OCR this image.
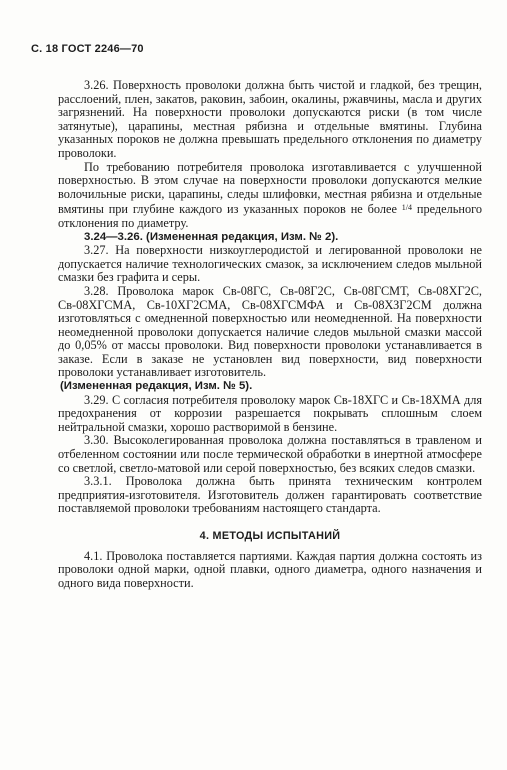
С. 18 ГОСТ 2246—70

3.26. Поверхность проволоки должна быть чистой и гладкой, без трещин, расслоений, плен, закатов, раковин, забоин, окалины, ржавчины, масла и других загрязнений. На поверхности проволоки допускаются риски (в том числе затянутые), царапины, местная рябизна и отдельные вмятины. Глубина указанных пороков не должна превышать предельного отклонения по диаметру проволоки.

По требованию потребителя проволока изготавливается с улучшенной поверхностью. В этом случае на поверхности проволоки допускаются мелкие волочильные риски, царапины, следы шлифовки, местная рябизна и отдельные вмятины при глубине каждого из указанных пороков не более $^{1/4}$ предельного отклонения по диаметру.

3.24—3.26. (Измененная редакция, Изм. № 2).

3.27. На поверхности низкоуглеродистой и легированной проволоки не допускается наличие технологических смазок, за исключением следов мыльной смазки без графита и серы.

3.28. Проволока марок Св-08ГС, Св-08Г2С, Св-08ГСМТ, Св-08ХГ2С, Св-08ХГСМА, Св-10ХГ2СМА, Св-08ХГСМФА и Св-08ХЗГ2СМ должна изготовляться с омедненной поверхностью или неомедненной. На поверхности неомедненной проволоки допускается наличие следов мыльной смазки массой до 0,05% от массы проволоки. Вид поверхности проволоки устанавливается в заказе. Если в заказе не установлен вид поверхности, вид поверхности проволоки устанавливает изготовитель.

(Измененная редакция, Изм. № 5).

3.29. С согласия потребителя проволоку марок Св-18ХГС и Св-18ХМА для предохранения от коррозии разрешается покрывать сплошным слоем нейтральной смазки, хорошо растворимой в бензине.

3.30. Высоколегированная проволока должна поставляться в травленом и отбеленном состоянии или после термической обработки в инертной атмосфере со светлой, светло-матовой или серой поверхностью, без всяких следов смазки.

3.3.1. Проволока должна быть принята техническим контролем предприятия-изготовителя. Изготовитель должен гарантировать соответствие поставляемой проволоки требованиям настоящего стандарта.

4. МЕТОДЫ ИСПЫТАНИЙ

4.1. Проволока поставляется партиями. Каждая партия должна состоять из проволоки одной марки, одной плавки, одного диаметра, одного назначения и одного вида поверхности.
